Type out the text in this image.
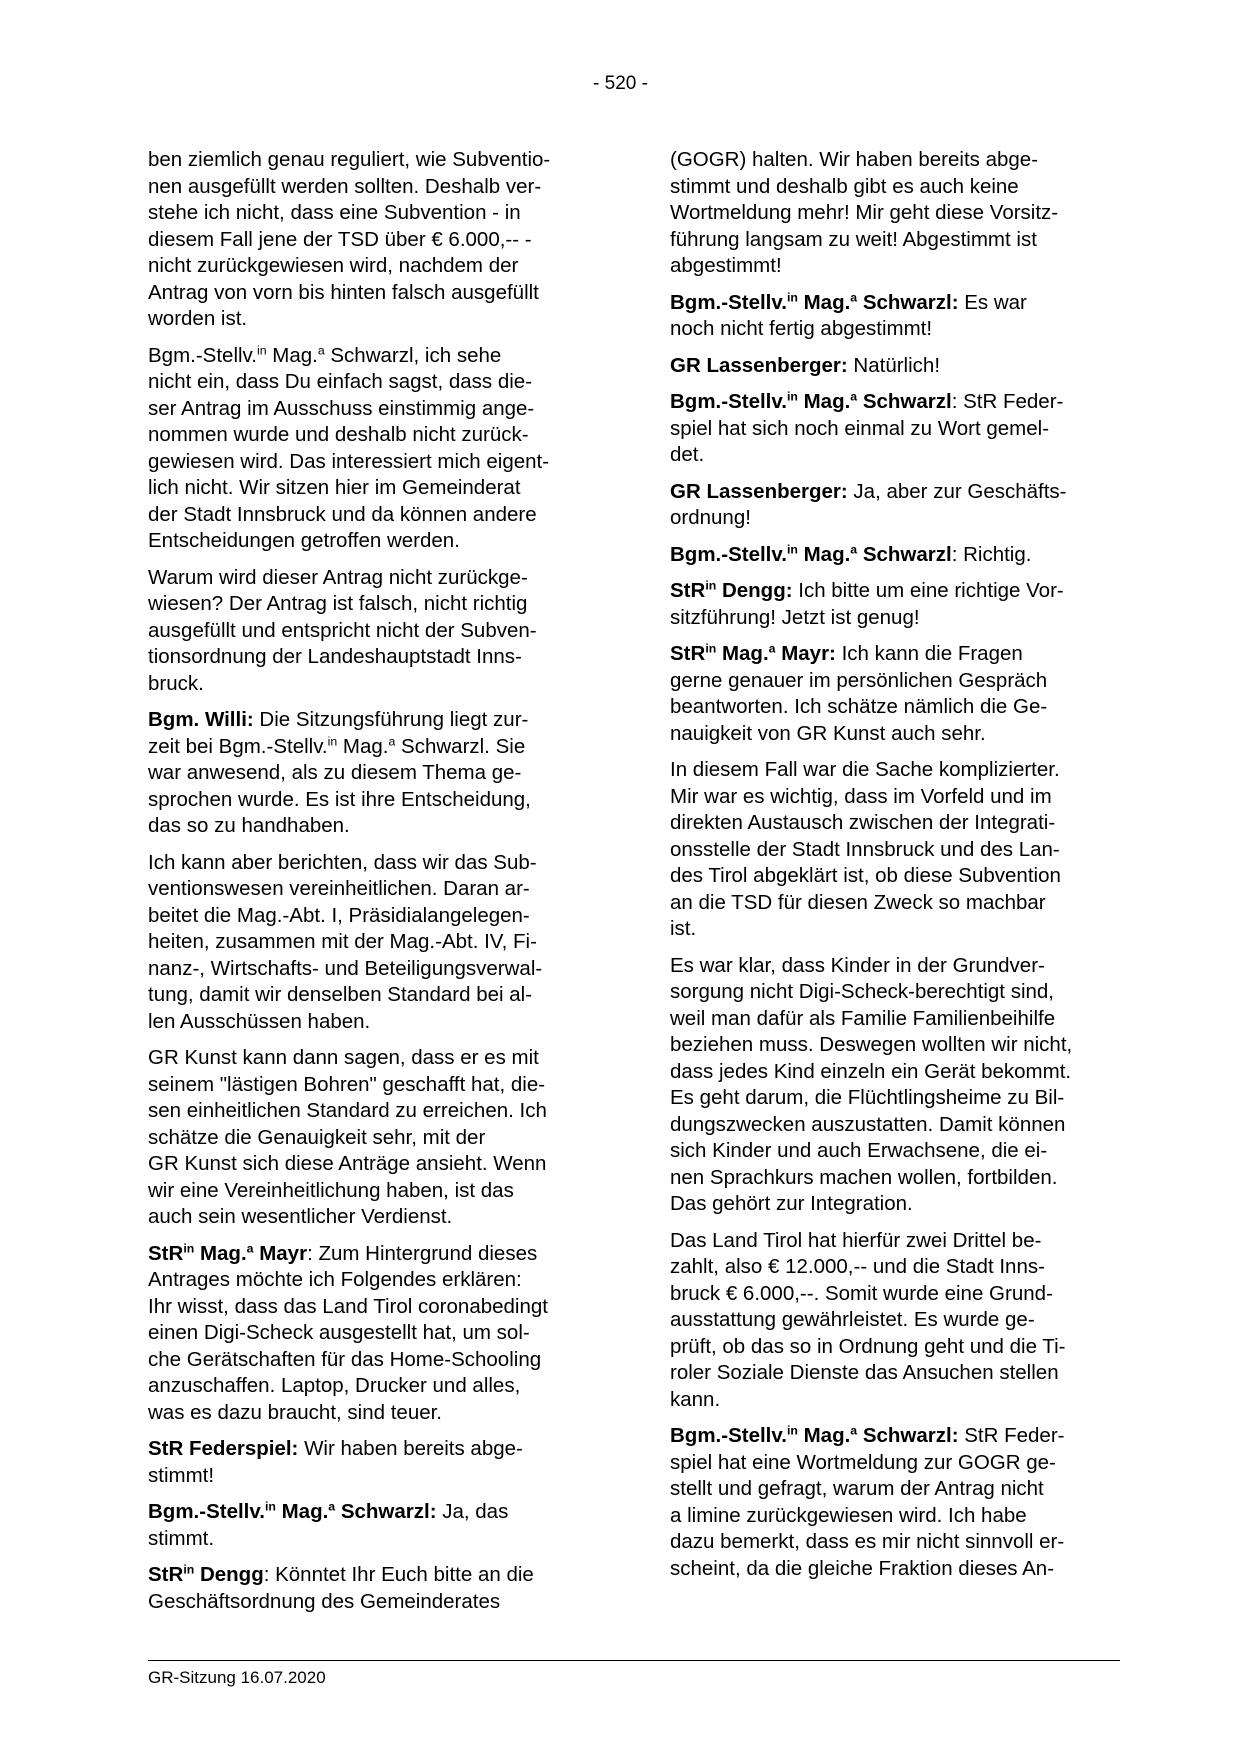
- 520 -

ben ziemlich genau reguliert, wie Subventio-
nen ausgefüllt werden sollten. Deshalb ver-
stehe ich nicht, dass eine Subvention - in
diesem Fall jene der TSD über € 6.000,-- -
nicht zurückgewiesen wird, nachdem der
Antrag von vorn bis hinten falsch ausgefüllt
worden ist.

Bgm.-Stellv.$^{in}$ Mag.$^a$ Schwarzl, ich sehe
nicht ein, dass Du einfach sagst, dass die-
ser Antrag im Ausschuss einstimmig ange-
nommen wurde und deshalb nicht zurück-
gewiesen wird. Das interessiert mich eigent-
lich nicht. Wir sitzen hier im Gemeinderat
der Stadt Innsbruck und da können andere
Entscheidungen getroffen werden.

Warum wird dieser Antrag nicht zurückge-
wiesen? Der Antrag ist falsch, nicht richtig
ausgefüllt und entspricht nicht der Subven-
tionsordnung der Landeshauptstadt Inns-
bruck.

Bgm. Willi: Die Sitzungsführung liegt zur-
zeit bei Bgm.-Stellv.$^{in}$ Mag.$^a$ Schwarzl. Sie
war anwesend, als zu diesem Thema ge-
sprochen wurde. Es ist ihre Entscheidung,
das so zu handhaben.

Ich kann aber berichten, dass wir das Sub-
ventionswesen vereinheitlichen. Daran ar-
beitet die Mag.-Abt. I, Präsidialangelegen-
heiten, zusammen mit der Mag.-Abt. IV, Fi-
nanz-, Wirtschafts- und Beteiligungsverwal-
tung, damit wir denselben Standard bei al-
len Ausschüssen haben.

GR Kunst kann dann sagen, dass er es mit
seinem "lästigen Bohren" geschafft hat, die-
sen einheitlichen Standard zu erreichen. Ich
schätze die Genauigkeit sehr, mit der
GR Kunst sich diese Anträge ansieht. Wenn
wir eine Vereinheitlichung haben, ist das
auch sein wesentlicher Verdienst.

StR$^{in}$ Mag.$^a$ Mayr: Zum Hintergrund dieses
Antrages möchte ich Folgendes erklären:
Ihr wisst, dass das Land Tirol coronabedingt
einen Digi-Scheck ausgestellt hat, um sol-
che Gerätschaften für das Home-Schooling
anzuschaffen. Laptop, Drucker und alles,
was es dazu braucht, sind teuer.

StR Federspiel: Wir haben bereits abge-
stimmt!

Bgm.-Stellv.$^{in}$ Mag.$^a$ Schwarzl: Ja, das
stimmt.

StR$^{in}$ Dengg: Könntet Ihr Euch bitte an die
Geschäftsordnung des Gemeinderates

(GOGR) halten. Wir haben bereits abge-
stimmt und deshalb gibt es auch keine
Wortmeldung mehr! Mir geht diese Vorsitz-
führung langsam zu weit! Abgestimmt ist
abgestimmt!

Bgm.-Stellv.$^{in}$ Mag.$^a$ Schwarzl: Es war
noch nicht fertig abgestimmt!

GR Lassenberger: Natürlich!

Bgm.-Stellv.$^{in}$ Mag.$^a$ Schwarzl: StR Feder-
spiel hat sich noch einmal zu Wort gemel-
det.

GR Lassenberger: Ja, aber zur Geschäfts-
ordnung!

Bgm.-Stellv.$^{in}$ Mag.$^a$ Schwarzl: Richtig.

StR$^{in}$ Dengg: Ich bitte um eine richtige Vor-
sitzführung! Jetzt ist genug!

StR$^{in}$ Mag.$^a$ Mayr: Ich kann die Fragen
gerne genauer im persönlichen Gespräch
beantworten. Ich schätze nämlich die Ge-
nauigkeit von GR Kunst auch sehr.

In diesem Fall war die Sache komplizierter.
Mir war es wichtig, dass im Vorfeld und im
direkten Austausch zwischen der Integrati-
onsstelle der Stadt Innsbruck und des Lan-
des Tirol abgeklärt ist, ob diese Subvention
an die TSD für diesen Zweck so machbar
ist.

Es war klar, dass Kinder in der Grundver-
sorgung nicht Digi-Scheck-berechtigt sind,
weil man dafür als Familie Familienbeihilfe
beziehen muss. Deswegen wollten wir nicht,
dass jedes Kind einzeln ein Gerät bekommt.
Es geht darum, die Flüchtlingsheime zu Bil-
dungszwecken auszustatten. Damit können
sich Kinder und auch Erwachsene, die ei-
nen Sprachkurs machen wollen, fortbilden.
Das gehört zur Integration.

Das Land Tirol hat hierfür zwei Drittel be-
zahlt, also € 12.000,-- und die Stadt Inns-
bruck € 6.000,--. Somit wurde eine Grund-
ausstattung gewährleistet. Es wurde ge-
prüft, ob das so in Ordnung geht und die Ti-
roler Soziale Dienste das Ansuchen stellen
kann.

Bgm.-Stellv.$^{in}$ Mag.$^a$ Schwarzl: StR Feder-
spiel hat eine Wortmeldung zur GOGR ge-
stellt und gefragt, warum der Antrag nicht
a limine zurückgewiesen wird. Ich habe
dazu bemerkt, dass es mir nicht sinnvoll er-
scheint, da die gleiche Fraktion dieses An-

GR-Sitzung 16.07.2020
